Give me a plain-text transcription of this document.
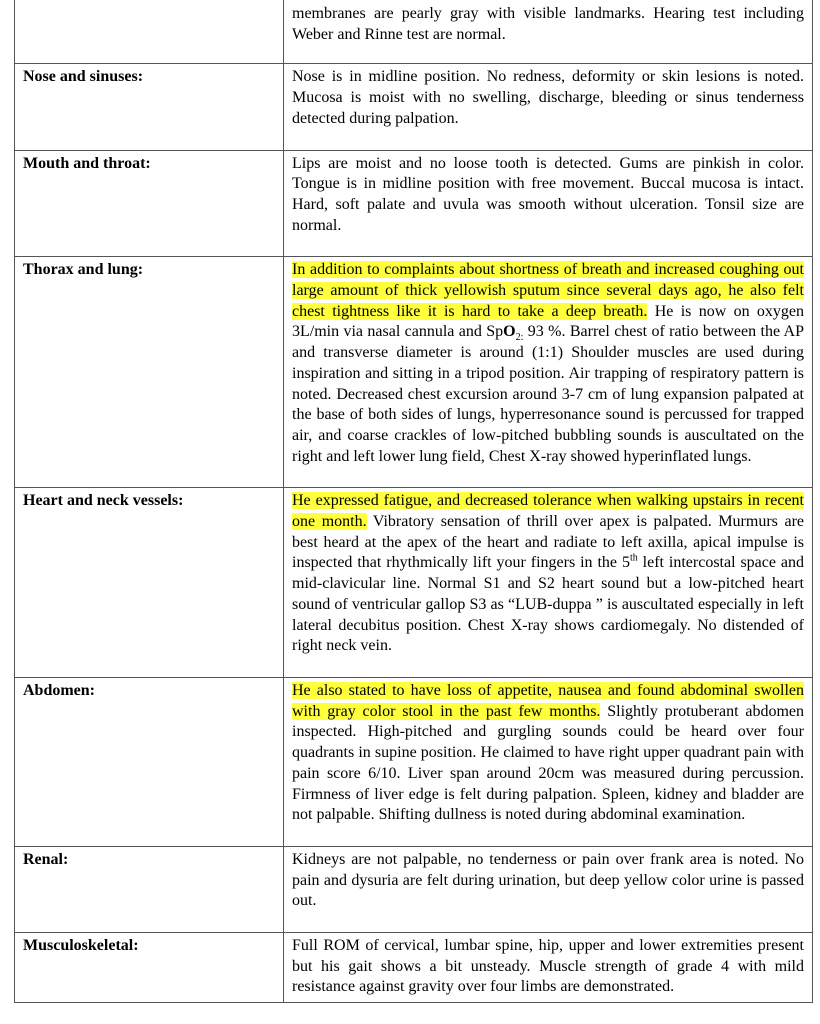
	membranes are pearly gray with visible landmarks. Hearing test including Weber and Rinne test are normal.
Nose and sinuses:	Nose is in midline position. No redness, deformity or skin lesions is noted. Mucosa is moist with no swelling, discharge, bleeding or sinus tenderness detected during palpation.
Mouth and throat:	Lips are moist and no loose tooth is detected. Gums are pinkish in color. Tongue is in midline position with free movement. Buccal mucosa is intact. Hard, soft palate and uvula was smooth without ulceration. Tonsil size are normal.
Thorax and lung:	In addition to complaints about shortness of breath and increased coughing out large amount of thick yellowish sputum since several days ago, he also felt chest tightness like it is hard to take a deep breath. He is now on oxygen 3L/min via nasal cannula and SpO$_{2:}$ 93 %. Barrel chest of ratio between the AP and transverse diameter is around (1:1) Shoulder muscles are used during inspiration and sitting in a tripod position. Air trapping of respiratory pattern is noted. Decreased chest excursion around 3-7 cm of lung expansion palpated at the base of both sides of lungs, hyperresonance sound is percussed for trapped air, and coarse crackles of low-pitched bubbling sounds is auscultated on the right and left lower lung field, Chest X-ray showed hyperinflated lungs.
Heart and neck vessels:	He expressed fatigue, and decreased tolerance when walking upstairs in recent one month. Vibratory sensation of thrill over apex is palpated. Murmurs are best heard at the apex of the heart and radiate to left axilla, apical impulse is inspected that rhythmically lift your fingers in the 5th left intercostal space and mid-clavicular line. Normal S1 and S2 heart sound but a low-pitched heart sound of ventricular gallop S3 as “LUB-duppa ” is auscultated especially in left lateral decubitus position. Chest X-ray shows cardiomegaly. No distended of right neck vein.
Abdomen:	He also stated to have loss of appetite, nausea and found abdominal swollen with gray color stool in the past few months. Slightly protuberant abdomen inspected. High-pitched and gurgling sounds could be heard over four quadrants in supine position. He claimed to have right upper quadrant pain with pain score 6/10. Liver span around 20cm was measured during percussion. Firmness of liver edge is felt during palpation. Spleen, kidney and bladder are not palpable. Shifting dullness is noted during abdominal examination.
Renal:	Kidneys are not palpable, no tenderness or pain over frank area is noted. No pain and dysuria are felt during urination, but deep yellow color urine is passed out.
Musculoskeletal:	Full ROM of cervical, lumbar spine, hip, upper and lower extremities present but his gait shows a bit unsteady. Muscle strength of grade 4 with mild resistance against gravity over four limbs are demonstrated.
